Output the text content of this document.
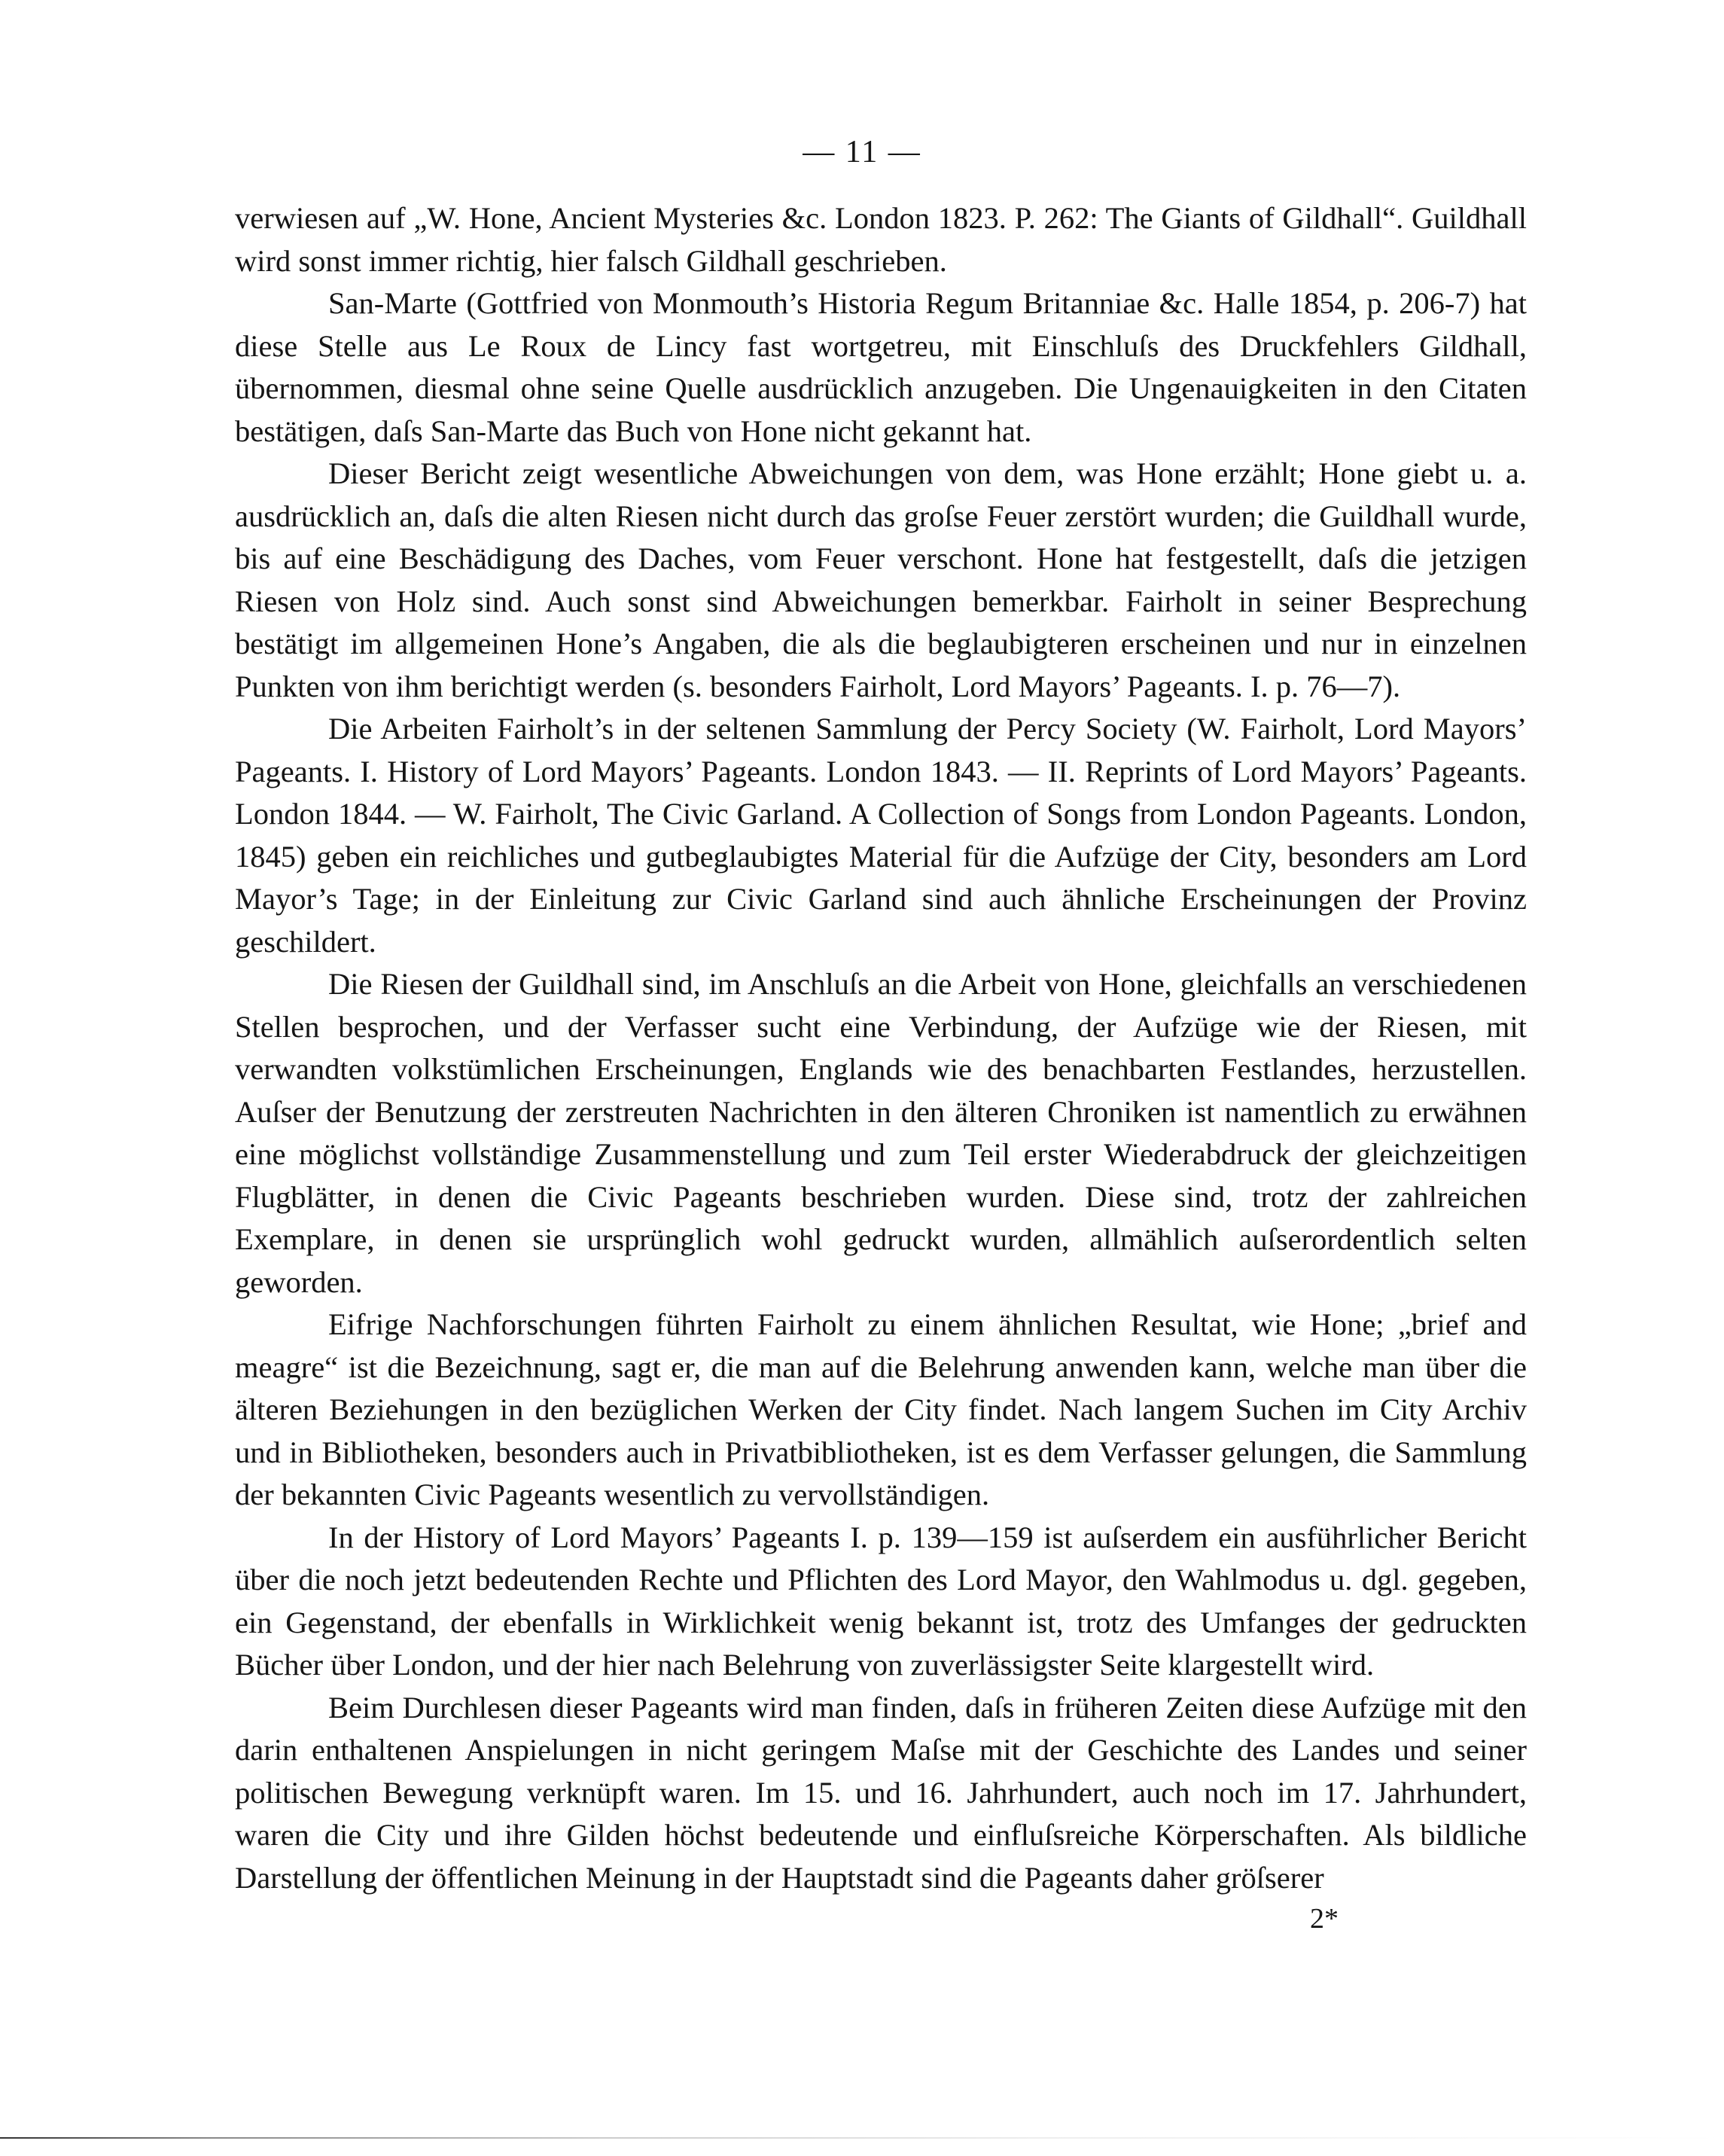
— 11 —

verwiesen auf „W. Hone, Ancient Mysteries &c. London 1823. P. 262: The Giants of Gildhall“. Guildhall wird sonst immer richtig, hier falsch Gildhall geschrieben.

San-Marte (Gottfried von Monmouth’s Historia Regum Britanniae &c. Halle 1854, p. 206-7) hat diese Stelle aus Le Roux de Lincy fast wortgetreu, mit Einschluſs des Druckfehlers Gildhall, übernommen, diesmal ohne seine Quelle ausdrücklich anzugeben. Die Ungenauigkeiten in den Citaten bestätigen, daſs San-Marte das Buch von Hone nicht gekannt hat.

Dieser Bericht zeigt wesentliche Abweichungen von dem, was Hone erzählt; Hone giebt u. a. ausdrücklich an, daſs die alten Riesen nicht durch das groſse Feuer zerstört wurden; die Guildhall wurde, bis auf eine Beschädigung des Daches, vom Feuer verschont. Hone hat festgestellt, daſs die jetzigen Riesen von Holz sind. Auch sonst sind Abweichungen bemerkbar. Fairholt in seiner Besprechung bestätigt im allgemeinen Hone’s Angaben, die als die beglaubigteren erscheinen und nur in einzelnen Punkten von ihm berichtigt werden (s. besonders Fairholt, Lord Mayors’ Pageants. I. p. 76—7).

Die Arbeiten Fairholt’s in der seltenen Sammlung der Percy Society (W. Fairholt, Lord Mayors’ Pageants. I. History of Lord Mayors’ Pageants. London 1843. — II. Reprints of Lord Mayors’ Pageants. London 1844. — W. Fairholt, The Civic Garland. A Collection of Songs from London Pageants. London, 1845) geben ein reichliches und gutbeglaubigtes Material für die Aufzüge der City, besonders am Lord Mayor’s Tage; in der Einleitung zur Civic Garland sind auch ähnliche Erscheinungen der Provinz geschildert.

Die Riesen der Guildhall sind, im Anschluſs an die Arbeit von Hone, gleichfalls an verschiedenen Stellen besprochen, und der Verfasser sucht eine Verbindung, der Aufzüge wie der Riesen, mit verwandten volkstümlichen Erscheinungen, Englands wie des benachbarten Festlandes, herzustellen. Auſser der Benutzung der zerstreuten Nachrichten in den älteren Chroniken ist namentlich zu erwähnen eine möglichst vollständige Zusammenstellung und zum Teil erster Wiederabdruck der gleichzeitigen Flugblätter, in denen die Civic Pageants beschrieben wurden. Diese sind, trotz der zahlreichen Exemplare, in denen sie ursprünglich wohl gedruckt wurden, allmählich auſserordentlich selten geworden.

Eifrige Nachforschungen führten Fairholt zu einem ähnlichen Resultat, wie Hone; „brief and meagre“ ist die Bezeichnung, sagt er, die man auf die Belehrung anwenden kann, welche man über die älteren Beziehungen in den bezüglichen Werken der City findet. Nach langem Suchen im City Archiv und in Bibliotheken, besonders auch in Privatbibliotheken, ist es dem Verfasser gelungen, die Sammlung der bekannten Civic Pageants wesentlich zu vervollständigen.

In der History of Lord Mayors’ Pageants I. p. 139—159 ist auſserdem ein ausführlicher Bericht über die noch jetzt bedeutenden Rechte und Pflichten des Lord Mayor, den Wahlmodus u. dgl. gegeben, ein Gegenstand, der ebenfalls in Wirklichkeit wenig bekannt ist, trotz des Umfanges der gedruckten Bücher über London, und der hier nach Belehrung von zuverlässigster Seite klargestellt wird.

Beim Durchlesen dieser Pageants wird man finden, daſs in früheren Zeiten diese Aufzüge mit den darin enthaltenen Anspielungen in nicht geringem Maſse mit der Geschichte des Landes und seiner politischen Bewegung verknüpft waren. Im 15. und 16. Jahrhundert, auch noch im 17. Jahrhundert, waren die City und ihre Gilden höchst bedeutende und einfluſsreiche Körperschaften. Als bildliche Darstellung der öffentlichen Meinung in der Hauptstadt sind die Pageants daher gröſserer

2*
